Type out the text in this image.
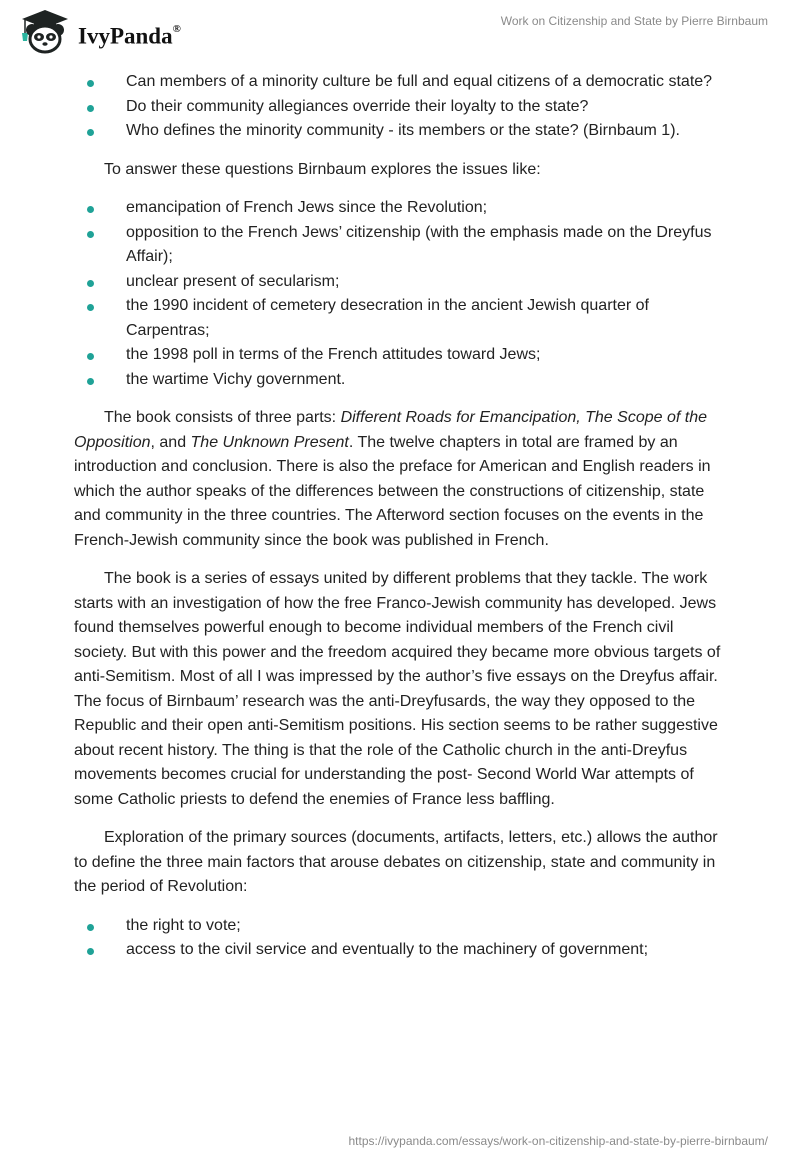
IvyPanda®
Work on Citizenship and State by Pierre Birnbaum
Can members of a minority culture be full and equal citizens of a democratic state?
Do their community allegiances override their loyalty to the state?
Who defines the minority community - its members or the state? (Birnbaum 1).

To answer these questions Birnbaum explores the issues like:

emancipation of French Jews since the Revolution;
opposition to the French Jews’ citizenship (with the emphasis made on the Dreyfus Affair);
unclear present of secularism;
the 1990 incident of cemetery desecration in the ancient Jewish quarter of Carpentras;
the 1998 poll in terms of the French attitudes toward Jews;
the wartime Vichy government.

The book consists of three parts: Different Roads for Emancipation, The Scope of the Opposition, and The Unknown Present. The twelve chapters in total are framed by an introduction and conclusion. There is also the preface for American and English readers in which the author speaks of the differences between the constructions of citizenship, state and community in the three countries. The Afterword section focuses on the events in the French-Jewish community since the book was published in French.

The book is a series of essays united by different problems that they tackle. The work starts with an investigation of how the free Franco-Jewish community has developed. Jews found themselves powerful enough to become individual members of the French civil society. But with this power and the freedom acquired they became more obvious targets of anti-Semitism. Most of all I was impressed by the author’s five essays on the Dreyfus affair. The focus of Birnbaum’ research was the anti-Dreyfusards, the way they opposed to the Republic and their open anti-Semitism positions. His section seems to be rather suggestive about recent history. The thing is that the role of the Catholic church in the anti-Dreyfus movements becomes crucial for understanding the post- Second World War attempts of some Catholic priests to defend the enemies of France less baffling.

Exploration of the primary sources (documents, artifacts, letters, etc.) allows the author to define the three main factors that arouse debates on citizenship, state and community in the period of Revolution:

the right to vote;
access to the civil service and eventually to the machinery of government;
https://ivypanda.com/essays/work-on-citizenship-and-state-by-pierre-birnbaum/
